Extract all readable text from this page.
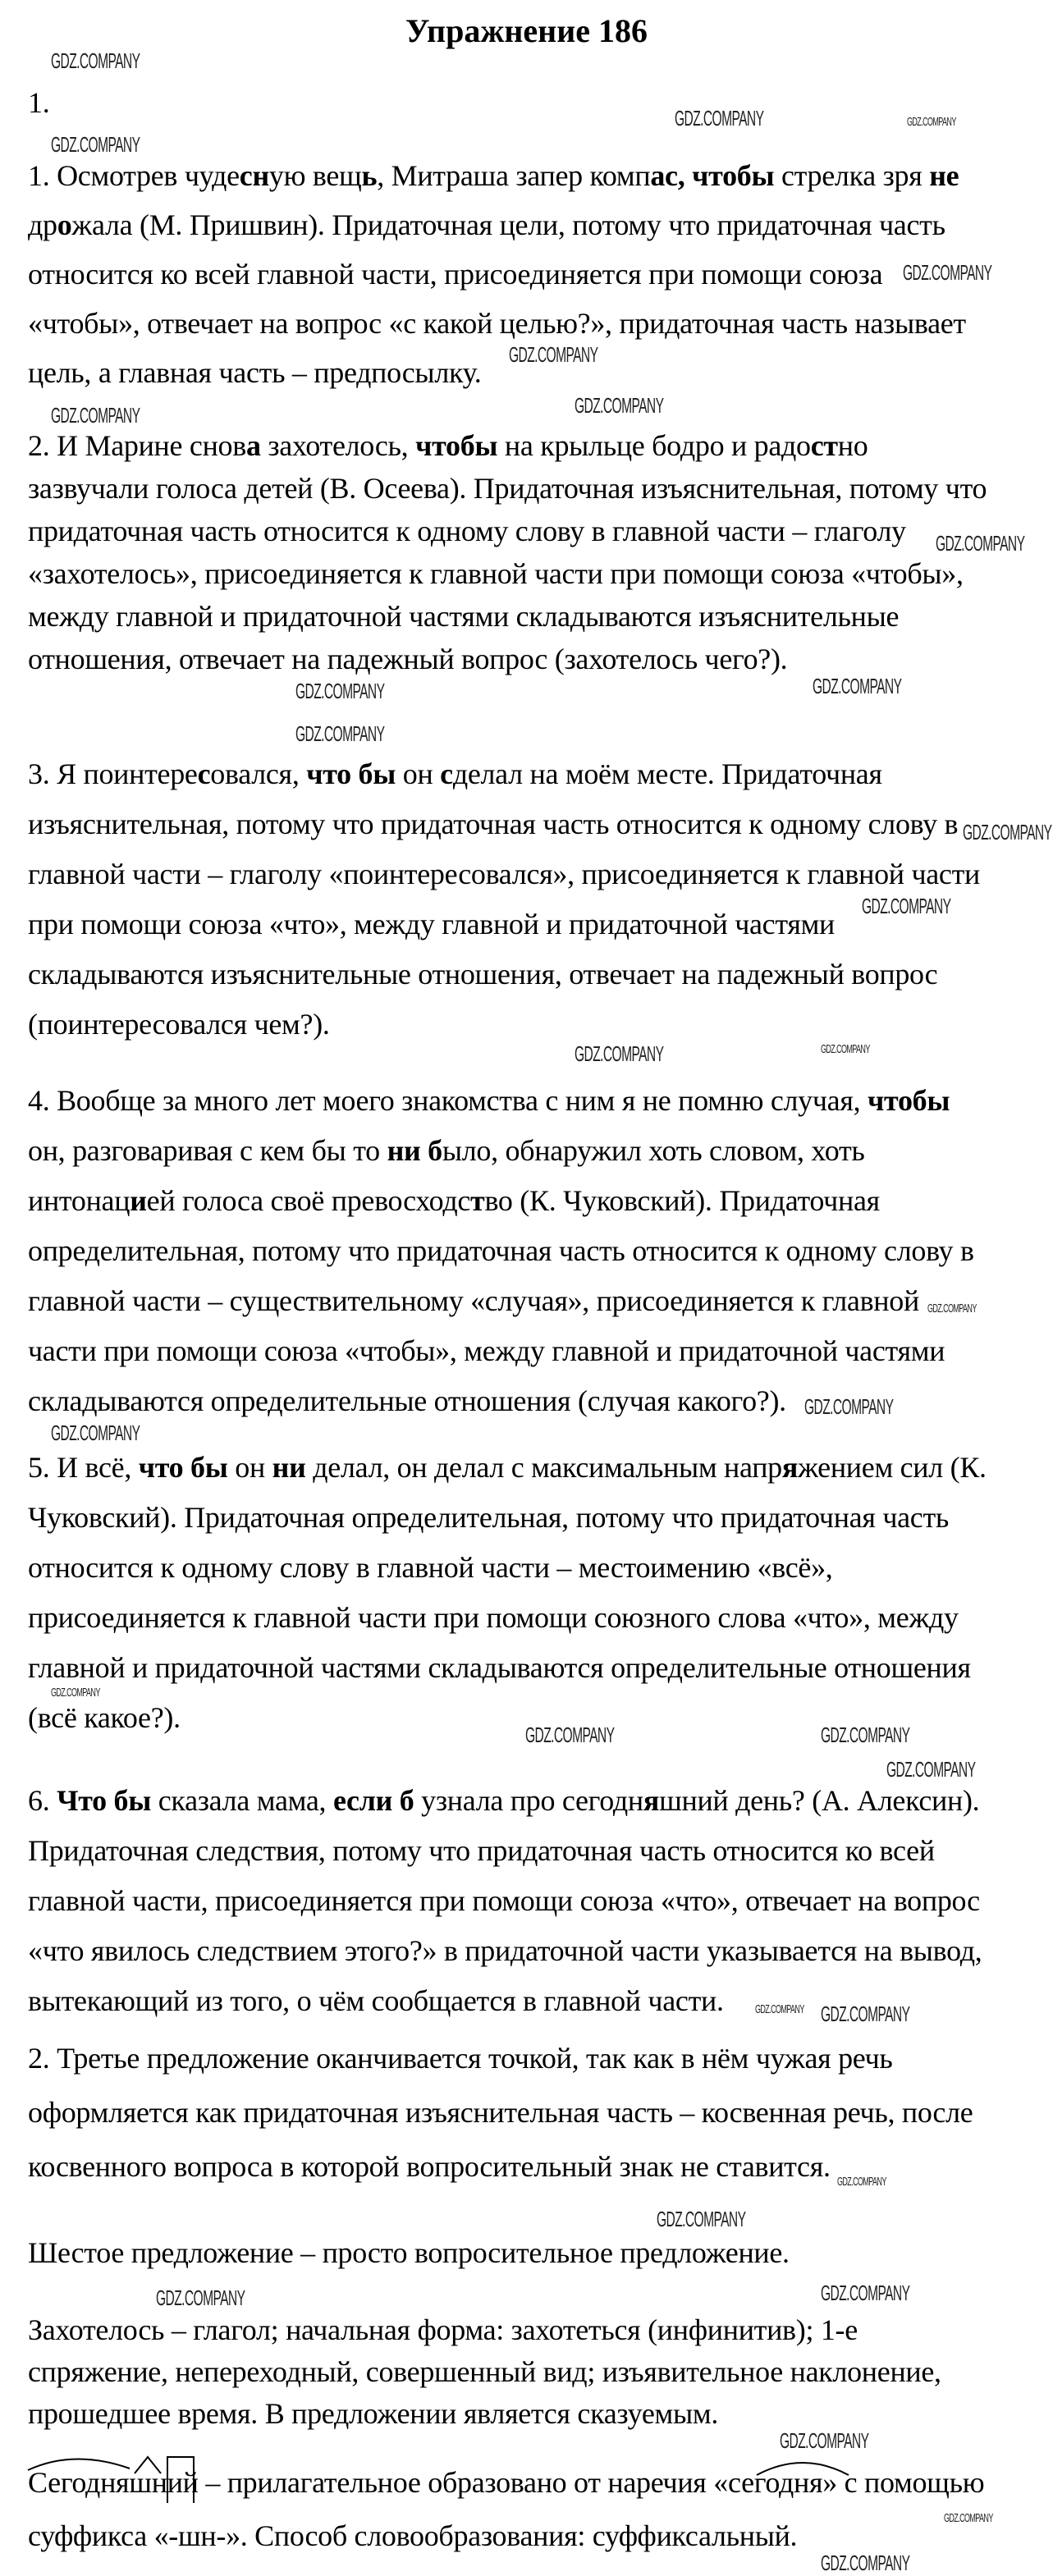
Упражнение 186
1.
1. Осмотрев чудесную вещь, Митраша запер компас, чтобы стрелка зря не
дрожала (М. Пришвин). Придаточная цели, потому что придаточная часть
относится ко всей главной части, присоединяется при помощи союза
«чтобы», отвечает на вопрос «с какой целью?», придаточная часть называет
цель, а главная часть – предпосылку.
2. И Марине снова захотелось, чтобы на крыльце бодро и радостно
зазвучали голоса детей (В. Осеева). Придаточная изъяснительная, потому что
придаточная часть относится к одному слову в главной части – глаголу
«захотелось», присоединяется к главной части при помощи союза «чтобы»,
между главной и придаточной частями складываются изъяснительные
отношения, отвечает на падежный вопрос (захотелось чего?).
3. Я поинтересовался, что бы он сделал на моём месте. Придаточная
изъяснительная, потому что придаточная часть относится к одному слову в
главной части – глаголу «поинтересовался», присоединяется к главной части
при помощи союза «что», между главной и придаточной частями
складываются изъяснительные отношения, отвечает на падежный вопрос
(поинтересовался чем?).
4. Вообще за много лет моего знакомства с ним я не помню случая, чтобы
он, разговаривая с кем бы то ни было, обнаружил хоть словом, хоть
интонацией голоса своё превосходство (К. Чуковский). Придаточная
определительная, потому что придаточная часть относится к одному слову в
главной части – существительному «случая», присоединяется к главной
части при помощи союза «чтобы», между главной и придаточной частями
складываются определительные отношения (случая какого?).
5. И всё, что бы он ни делал, он делал с максимальным напряжением сил (К.
Чуковский). Придаточная определительная, потому что придаточная часть
относится к одному слову в главной части – местоимению «всё»,
присоединяется к главной части при помощи союзного слова «что», между
главной и придаточной частями складываются определительные отношения
(всё какое?).
6. Что бы сказала мама, если б узнала про сегодняшний день? (А. Алексин).
Придаточная следствия, потому что придаточная часть относится ко всей
главной части, присоединяется при помощи союза «что», отвечает на вопрос
«что явилось следствием этого?» в придаточной части указывается на вывод,
вытекающий из того, о чём сообщается в главной части.
2. Третье предложение оканчивается точкой, так как в нём чужая речь
оформляется как придаточная изъяснительная часть – косвенная речь, после
косвенного вопроса в которой вопросительный знак не ставится.
Шестое предложение – просто вопросительное предложение.
Захотелось – глагол; начальная форма: захотеться (инфинитив); 1-е
спряжение, непереходный, совершенный вид; изъявительное наклонение,
прошедшее время. В предложении является сказуемым.
Сегодняшний – прилагательное образовано от наречия «сегодня» с помощью
суффикса «-шн-». Способ словообразования: суффиксальный.
GDZ.COMPANY
GDZ.COMPANY	GDZ.COMPANY
GDZ.COMPANY
GDZ.COMPANY
GDZ.COMPANY
GDZ.COMPANY
GDZ.COMPANY
GDZ.COMPANY
GDZ.COMPANY	GDZ.COMPANY
GDZ.COMPANY
GDZ.COMPANY
GDZ.COMPANY
GDZ.COMPANY	GDZ.COMPANY
GDZ.COMPANY
GDZ.COMPANY
GDZ.COMPANY
GDZ.COMPANY	GDZ.COMPANY
GDZ.COMPANY
GDZ.COMPANY
GDZ.COMPANY
GDZ.COMPANY
GDZ.COMPANY
GDZ.COMPANY
GDZ.COMPANY
GDZ.COMPANY
GDZ.COMPANY
GDZ.COMPANY
GDZ.COMPANY
